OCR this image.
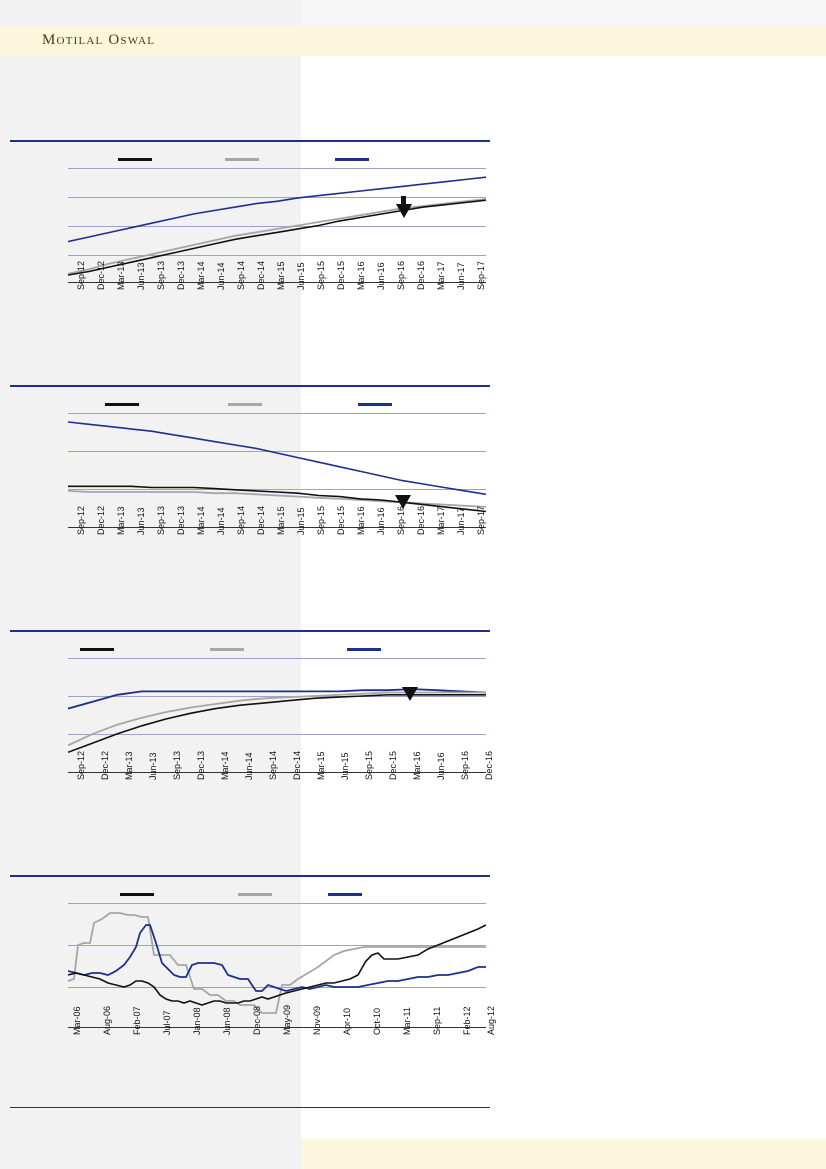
Motilal Oswal
Sep-12 Dec-12 Mar-13 Jun-13 Sep-13 Dec-13 Mar-14 Jun-14 Sep-14 Dec-14 Mar-15 Jun-15 Sep-15 Dec-15 Mar-16 Jun-16 Sep-16 Dec-16 Mar-17 Jun-17 Sep-17
Sep-12 Dec-12 Mar-13 Jun-13 Sep-13 Dec-13 Mar-14 Jun-14 Sep-14 Dec-14 Mar-15 Jun-15 Sep-15 Dec-15 Mar-16 Jun-16 Sep-16 Dec-16 Mar-17 Jun-17 Sep-17
Sep-12 Dec-12 Mar-13 Jun-13 Sep-13 Dec-13 Mar-14 Jun-14 Sep-14 Dec-14 Mar-15 Jun-15 Sep-15 Dec-15 Mar-16 Jun-16 Sep-16 Dec-16
Mar-06 Aug-06 Feb-07 Jul-07 Jan-08 Jun-08 Dec-08 May-09 Nov-09 Apr-10 Oct-10 Mar-11 Sep-11 Feb-12 Aug-12
